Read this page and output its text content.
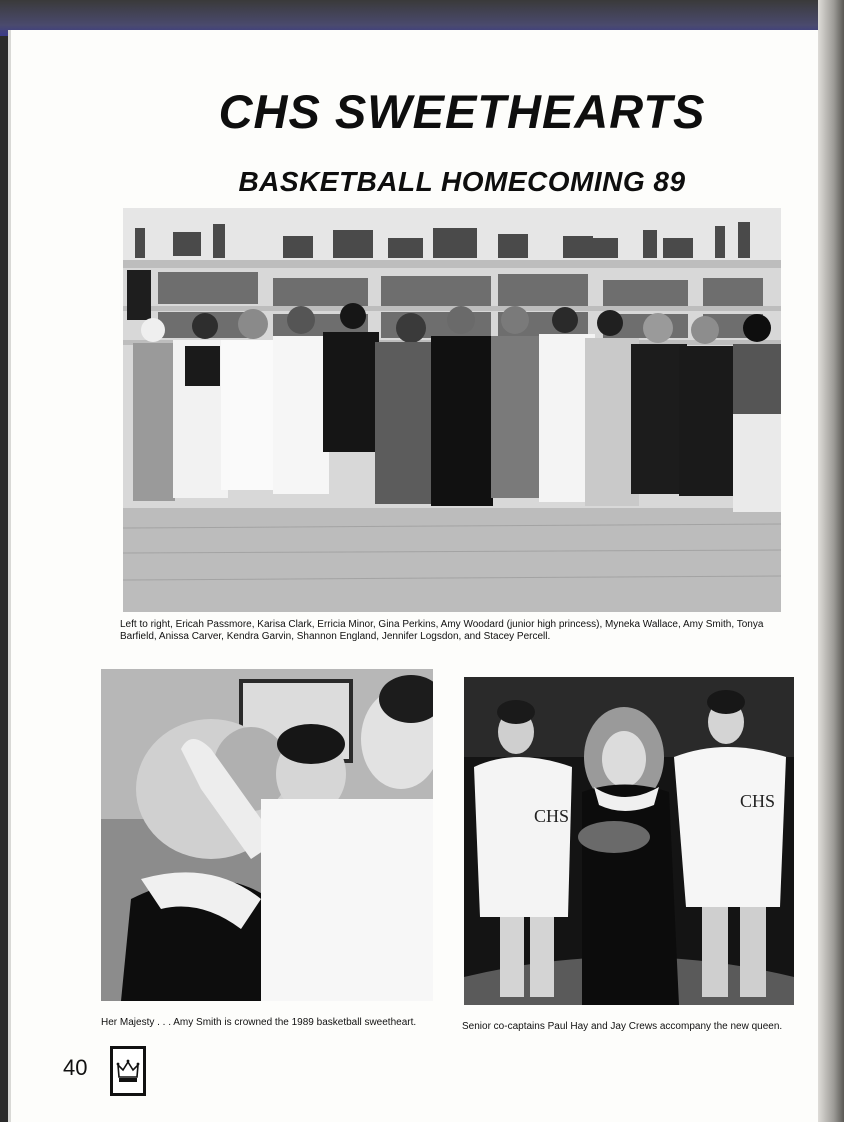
CHS SWEETHEARTS
BASKETBALL HOMECOMING 89

Left to right, Ericah Passmore, Karisa Clark, Erricia Minor, Gina Perkins, Amy Woodard (junior high princess), Myneka Wallace, Amy Smith, Tonya Barfield, Anissa Carver, Kendra Garvin, Shannon England, Jennifer Logsdon, and Stacey Percell.

Her Majesty . . . Amy Smith is crowned the 1989 basketball sweetheart.

CHS
CHS

Senior co-captains Paul Hay and Jay Crews accompany the new queen.

40
